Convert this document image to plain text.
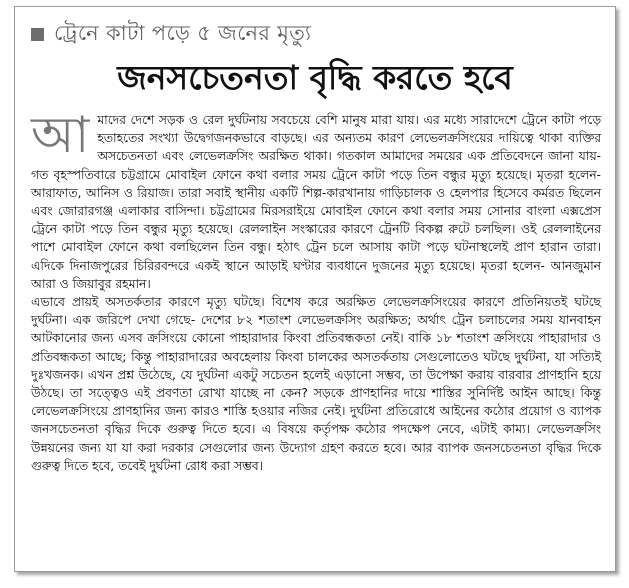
ট্রেনে কাটা পড়ে ৫ জনের মৃত্যু
জনসচেতনতা বৃদ্ধি করতে হবে

আ মাদের দেশে সড়ক ও রেল দুর্ঘটনায় সবচেয়ে বেশি মানুষ মারা যায়। এর মধ্যে সারাদেশে ট্রেনে কাটা পড়ে হতাহতের সংখ্যা উদ্বেগজনকভাবে বাড়ছে। এর অন্যতম কারণ লেভেলক্রসিংয়ের দায়িত্বে থাকা ব্যক্তির অসচেতনতা এবং লেভেলক্রসিং অরক্ষিত থাকা। গতকাল আমাদের সময়ের এক প্রতিবেদনে জানা যায়- গত বৃহস্পতিবারে চট্টগ্রামে মোবাইল ফোনে কথা বলার সময় ট্রেনে কাটা পড়ে তিন বন্ধুর মৃত্যু হয়েছে। মৃতরা হলেন- আরাফাত, আনিস ও রিয়াজ। তারা সবাই স্থানীয় একটি শিল্প-কারখানায় গাড়িচালক ও হেলপার হিসেবে কর্মরত ছিলেন এবং জোরারগঞ্জ এলাকার বাসিন্দা। চট্টগ্রামের মিরসরাইয়ে মোবাইল ফোনে কথা বলার সময় সোনার বাংলা এক্সপ্রেস ট্রেনে কাটা পড়ে তিন বন্ধুর মৃত্যু হয়েছে। রেললাইন সংস্কারের কারণে ট্রেনটি বিকল্প রুটে চলছিল। ওই রেললাইনের পাশে মোবাইল ফোনে কথা বলছিলেন তিন বন্ধু। হঠাৎ ট্রেন চলে আসায় কাটা পড়ে ঘটনাস্থলেই প্রাণ হারান তারা। এদিকে দিনাজপুরের চিরিরবন্দরে একই স্থানে আড়াই ঘণ্টার ব্যবধানে দুজনের মৃত্যু হয়েছে। মৃতরা হলেন- আনজুমান আরা ও জিয়াবুর রহমান।

এভাবে প্রায়ই অসতর্কতার কারণে মৃত্যু ঘটছে। বিশেষ করে অরক্ষিত লেভেলক্রসিংয়ের কারণে প্রতিনিয়তই ঘটছে দুর্ঘটনা। এক জরিপে দেখা গেছে- দেশের ৮২ শতাংশ লেভেলক্রসিং অরক্ষিত; অর্থাৎ ট্রেন চলাচলের সময় যানবাহন আটকানোর জন্য এসব ক্রসিংয়ে কোনো পাহারাদার কিংবা প্রতিবন্ধকতা নেই। বাকি ১৮ শতাংশ ক্রসিংয়ে পাহারাদার ও প্রতিবন্ধকতা আছে; কিন্তু পাহারাদারের অবহেলায় কিংবা চালকের অসতর্কতায় সেগুলোতেও ঘটছে দুর্ঘটনা, যা সত্যিই দুঃখজনক। এখন প্রশ্ন উঠেছে, যে দুর্ঘটনা একটু সচেতন হলেই এড়ানো সম্ভব, তা উপেক্ষা করায় বারবার প্রাণহানি হয়ে উঠছে। তা সত্ত্বেও এই প্রবণতা রোখা যাচ্ছে না কেন? সড়কে প্রাণহানির দায়ে শাস্তির সুনির্দিষ্ট আইন আছে। কিন্তু লেভেলক্রসিংয়ে প্রাণহানির জন্য কারও শাস্তি হওয়ার নজির নেই। দুর্ঘটনা প্রতিরোধে আইনের কঠোর প্রয়োগ ও ব্যাপক জনসচেতনতা বৃদ্ধির দিকে গুরুত্ব দিতে হবে। এ বিষয়ে কর্তৃপক্ষ কঠোর পদক্ষেপ নেবে, এটাই কাম্য। লেভেলক্রসিং উন্নয়নের জন্য যা যা করা দরকার সেগুলোর জন্য উদ্যোগ গ্রহণ করতে হবে। আর ব্যাপক জনসচেতনতা বৃদ্ধির দিকে গুরুত্ব দিতে হবে, তবেই দুর্ঘটনা রোধ করা সম্ভব।
